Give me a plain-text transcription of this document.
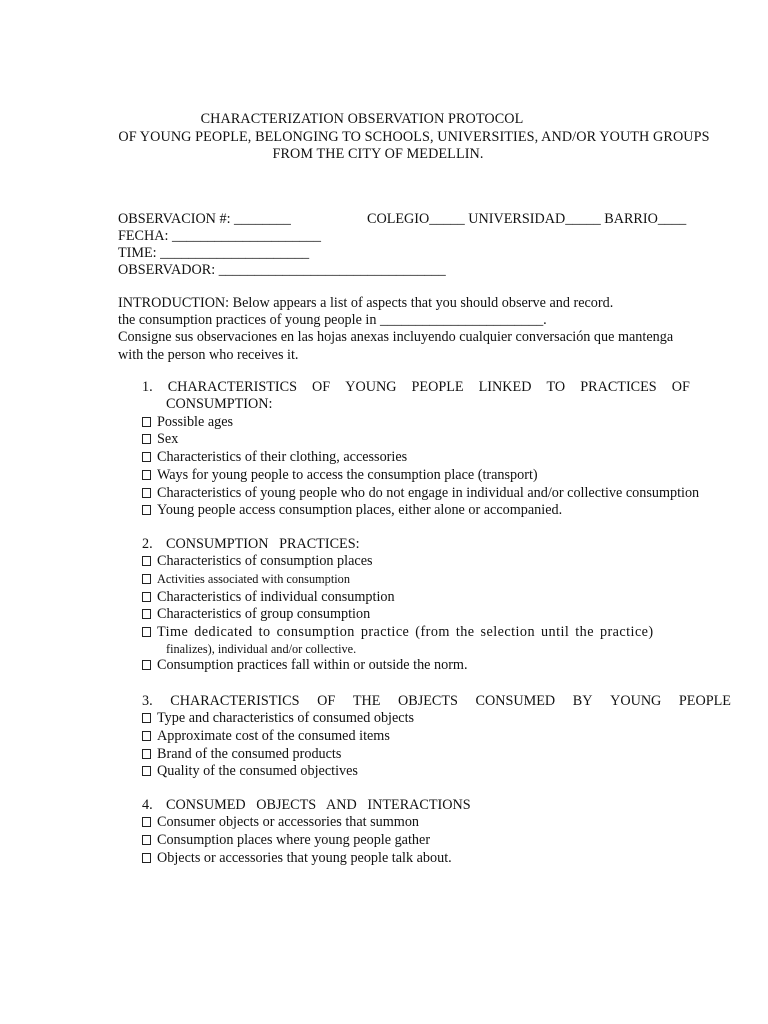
CHARACTERIZATION OBSERVATION PROTOCOL
OF YOUNG PEOPLE, BELONGING TO SCHOOLS, UNIVERSITIES, AND/OR YOUTH GROUPS
FROM THE CITY OF MEDELLIN.
OBSERVACION #: ________	COLEGIO_____ UNIVERSIDAD_____ BARRIO____
FECHA: _____________________
TIME: _____________________
OBSERVADOR: ________________________________
INTRODUCTION: Below appears a list of aspects that you should observe and record.
the consumption practices of young people in _______________________.
Consigne sus observaciones en las hojas anexas incluyendo cualquier conversación que mantenga
with the person who receives it.
1. CHARACTERISTICS OF YOUNG PEOPLE LINKED TO PRACTICES OF
CONSUMPTION:
Possible ages
Sex
Characteristics of their clothing, accessories
Ways for young people to access the consumption place (transport)
Characteristics of young people who do not engage in individual and/or collective consumption
Young people access consumption places, either alone or accompanied.
2. CONSUMPTION   PRACTICES:
Characteristics of consumption places
Activities associated with consumption
Characteristics of individual consumption
Characteristics of group consumption
Time dedicated to consumption practice (from the selection until the practice)
finalizes), individual and/or collective.
Consumption practices fall within or outside the norm.
3. CHARACTERISTICS OF THE OBJECTS CONSUMED BY YOUNG PEOPLE
Type and characteristics of consumed objects
Approximate cost of the consumed items
Brand of the consumed products
Quality of the consumed objectives
4. CONSUMED   OBJECTS   AND   INTERACTIONS
Consumer objects or accessories that summon
Consumption places where young people gather
Objects or accessories that young people talk about.
